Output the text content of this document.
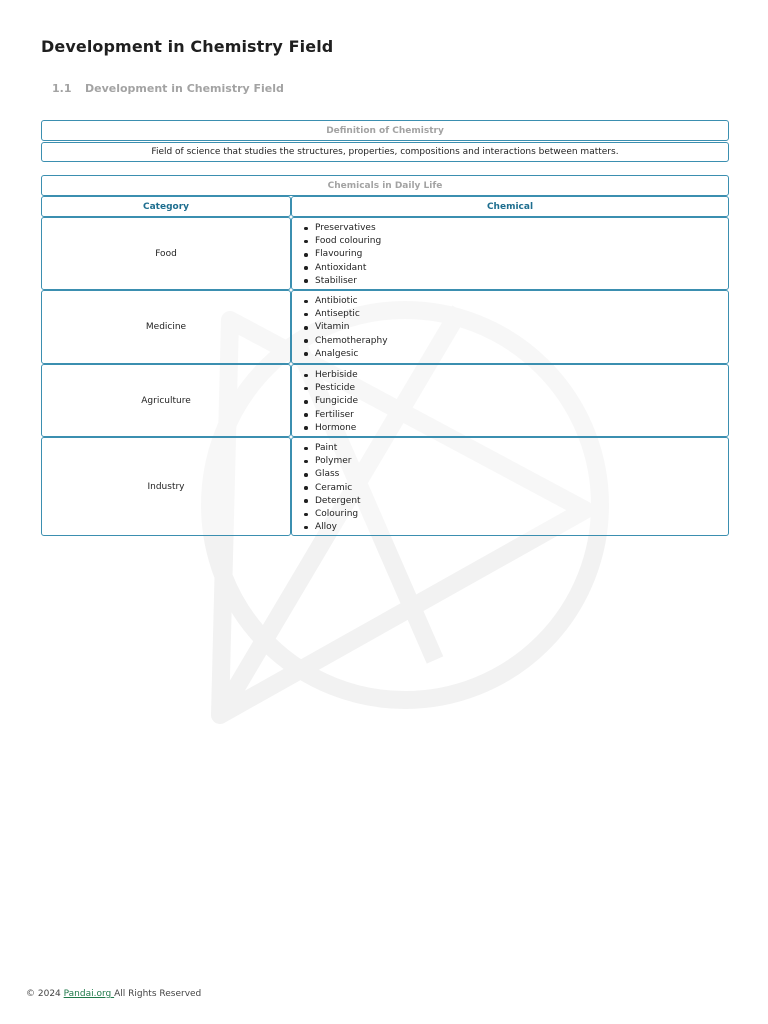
Development in Chemistry Field
1.1 Development in Chemistry Field
Definition of Chemistry
Field of science that studies the structures, properties, compositions and interactions between matters.
Chemicals in Daily Life
Category	Chemical
Food
Preservatives
Food colouring
Flavouring
Antioxidant
Stabiliser
Medicine
Antibiotic
Antiseptic
Vitamin
Chemotheraphy
Analgesic
Agriculture
Herbiside
Pesticide
Fungicide
Fertiliser
Hormone
Industry
Paint
Polymer
Glass
Ceramic
Detergent
Colouring
Alloy
© 2024 Pandai.org All Rights Reserved
